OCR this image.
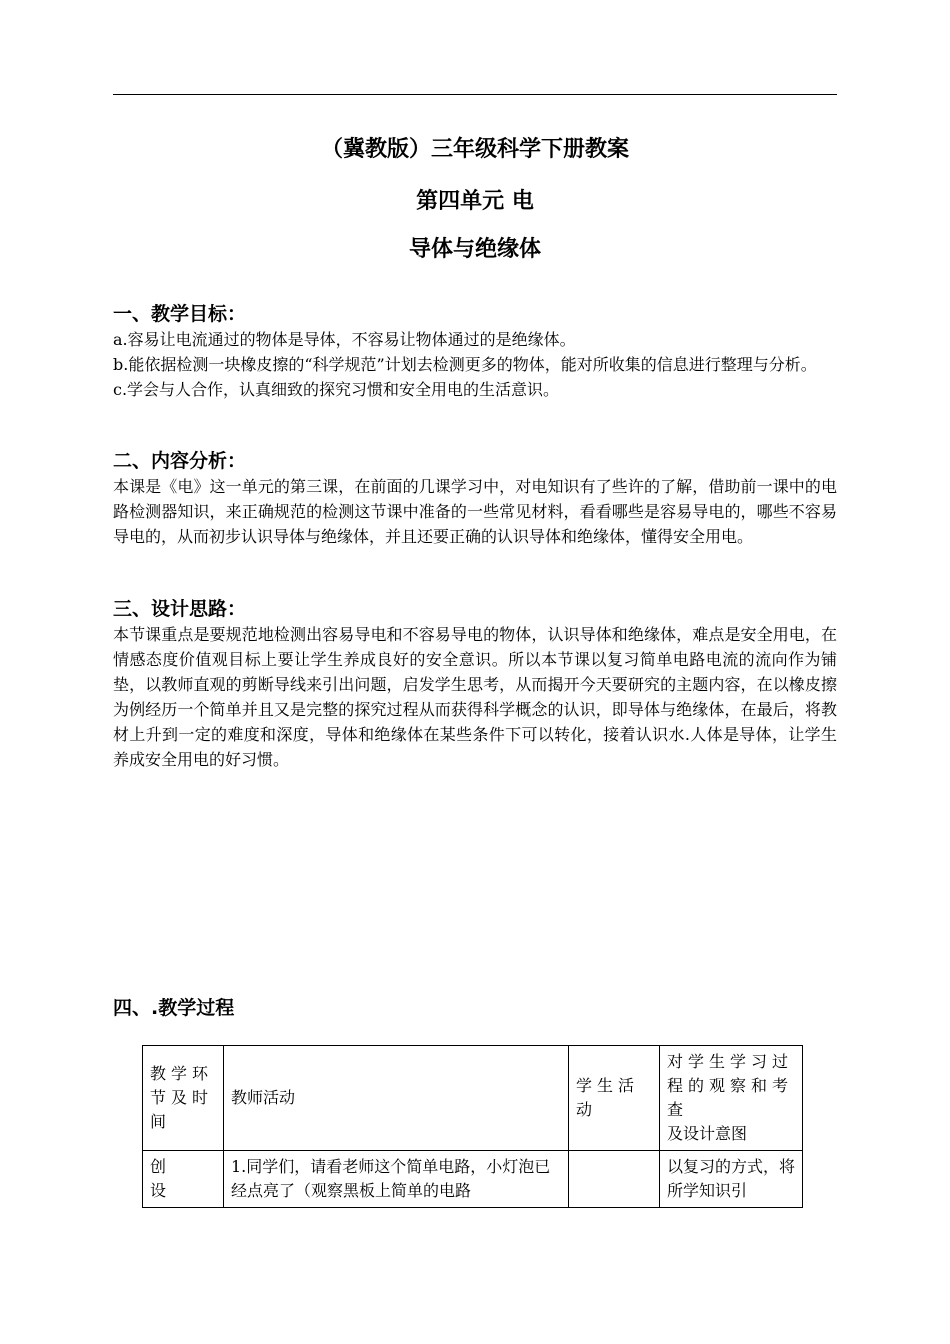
（冀教版）三年级科学下册教案
第四单元 电
导体与绝缘体

一、教学目标：

a.容易让电流通过的物体是导体，不容易让物体通过的是绝缘体。

b.能依据检测一块橡皮擦的“科学规范”计划去检测更多的物体，能对所收集的信息进行整理与分析。

c.学会与人合作，认真细致的探究习惯和安全用电的生活意识。

二、内容分析：

本课是《电》这一单元的第三课，在前面的几课学习中，对电知识有了些许的了解，借助前一课中的电路检测器知识，来正确规范的检测这节课中准备的一些常见材料，看看哪些是容易导电的，哪些不容易导电的，从而初步认识导体与绝缘体，并且还要正确的认识导体和绝缘体，懂得安全用电。

三、设计思路：

本节课重点是要规范地检测出容易导电和不容易导电的物体，认识导体和绝缘体，难点是安全用电，在情感态度价值观目标上要让学生养成良好的安全意识。所以本节课以复习简单电路电流的流向作为铺垫，以教师直观的剪断导线来引出问题，启发学生思考，从而揭开今天要研究的主题内容，在以橡皮擦为例经历一个简单并且又是完整的探究过程从而获得科学概念的认识，即导体与绝缘体，在最后，将教材上升到一定的难度和深度，导体和绝缘体在某些条件下可以转化，接着认识水.人体是导体，让学生养成安全用电的好习惯。

四、.教学过程

教学环节及时间	教师活动	学生活动	对学生学习过程的观察和考查
及设计意图

创
设	1.同学们，请看老师这个简单电路，小灯泡已经点亮了（观察黑板上简单的电路		以复习的方式，将所学知识引
